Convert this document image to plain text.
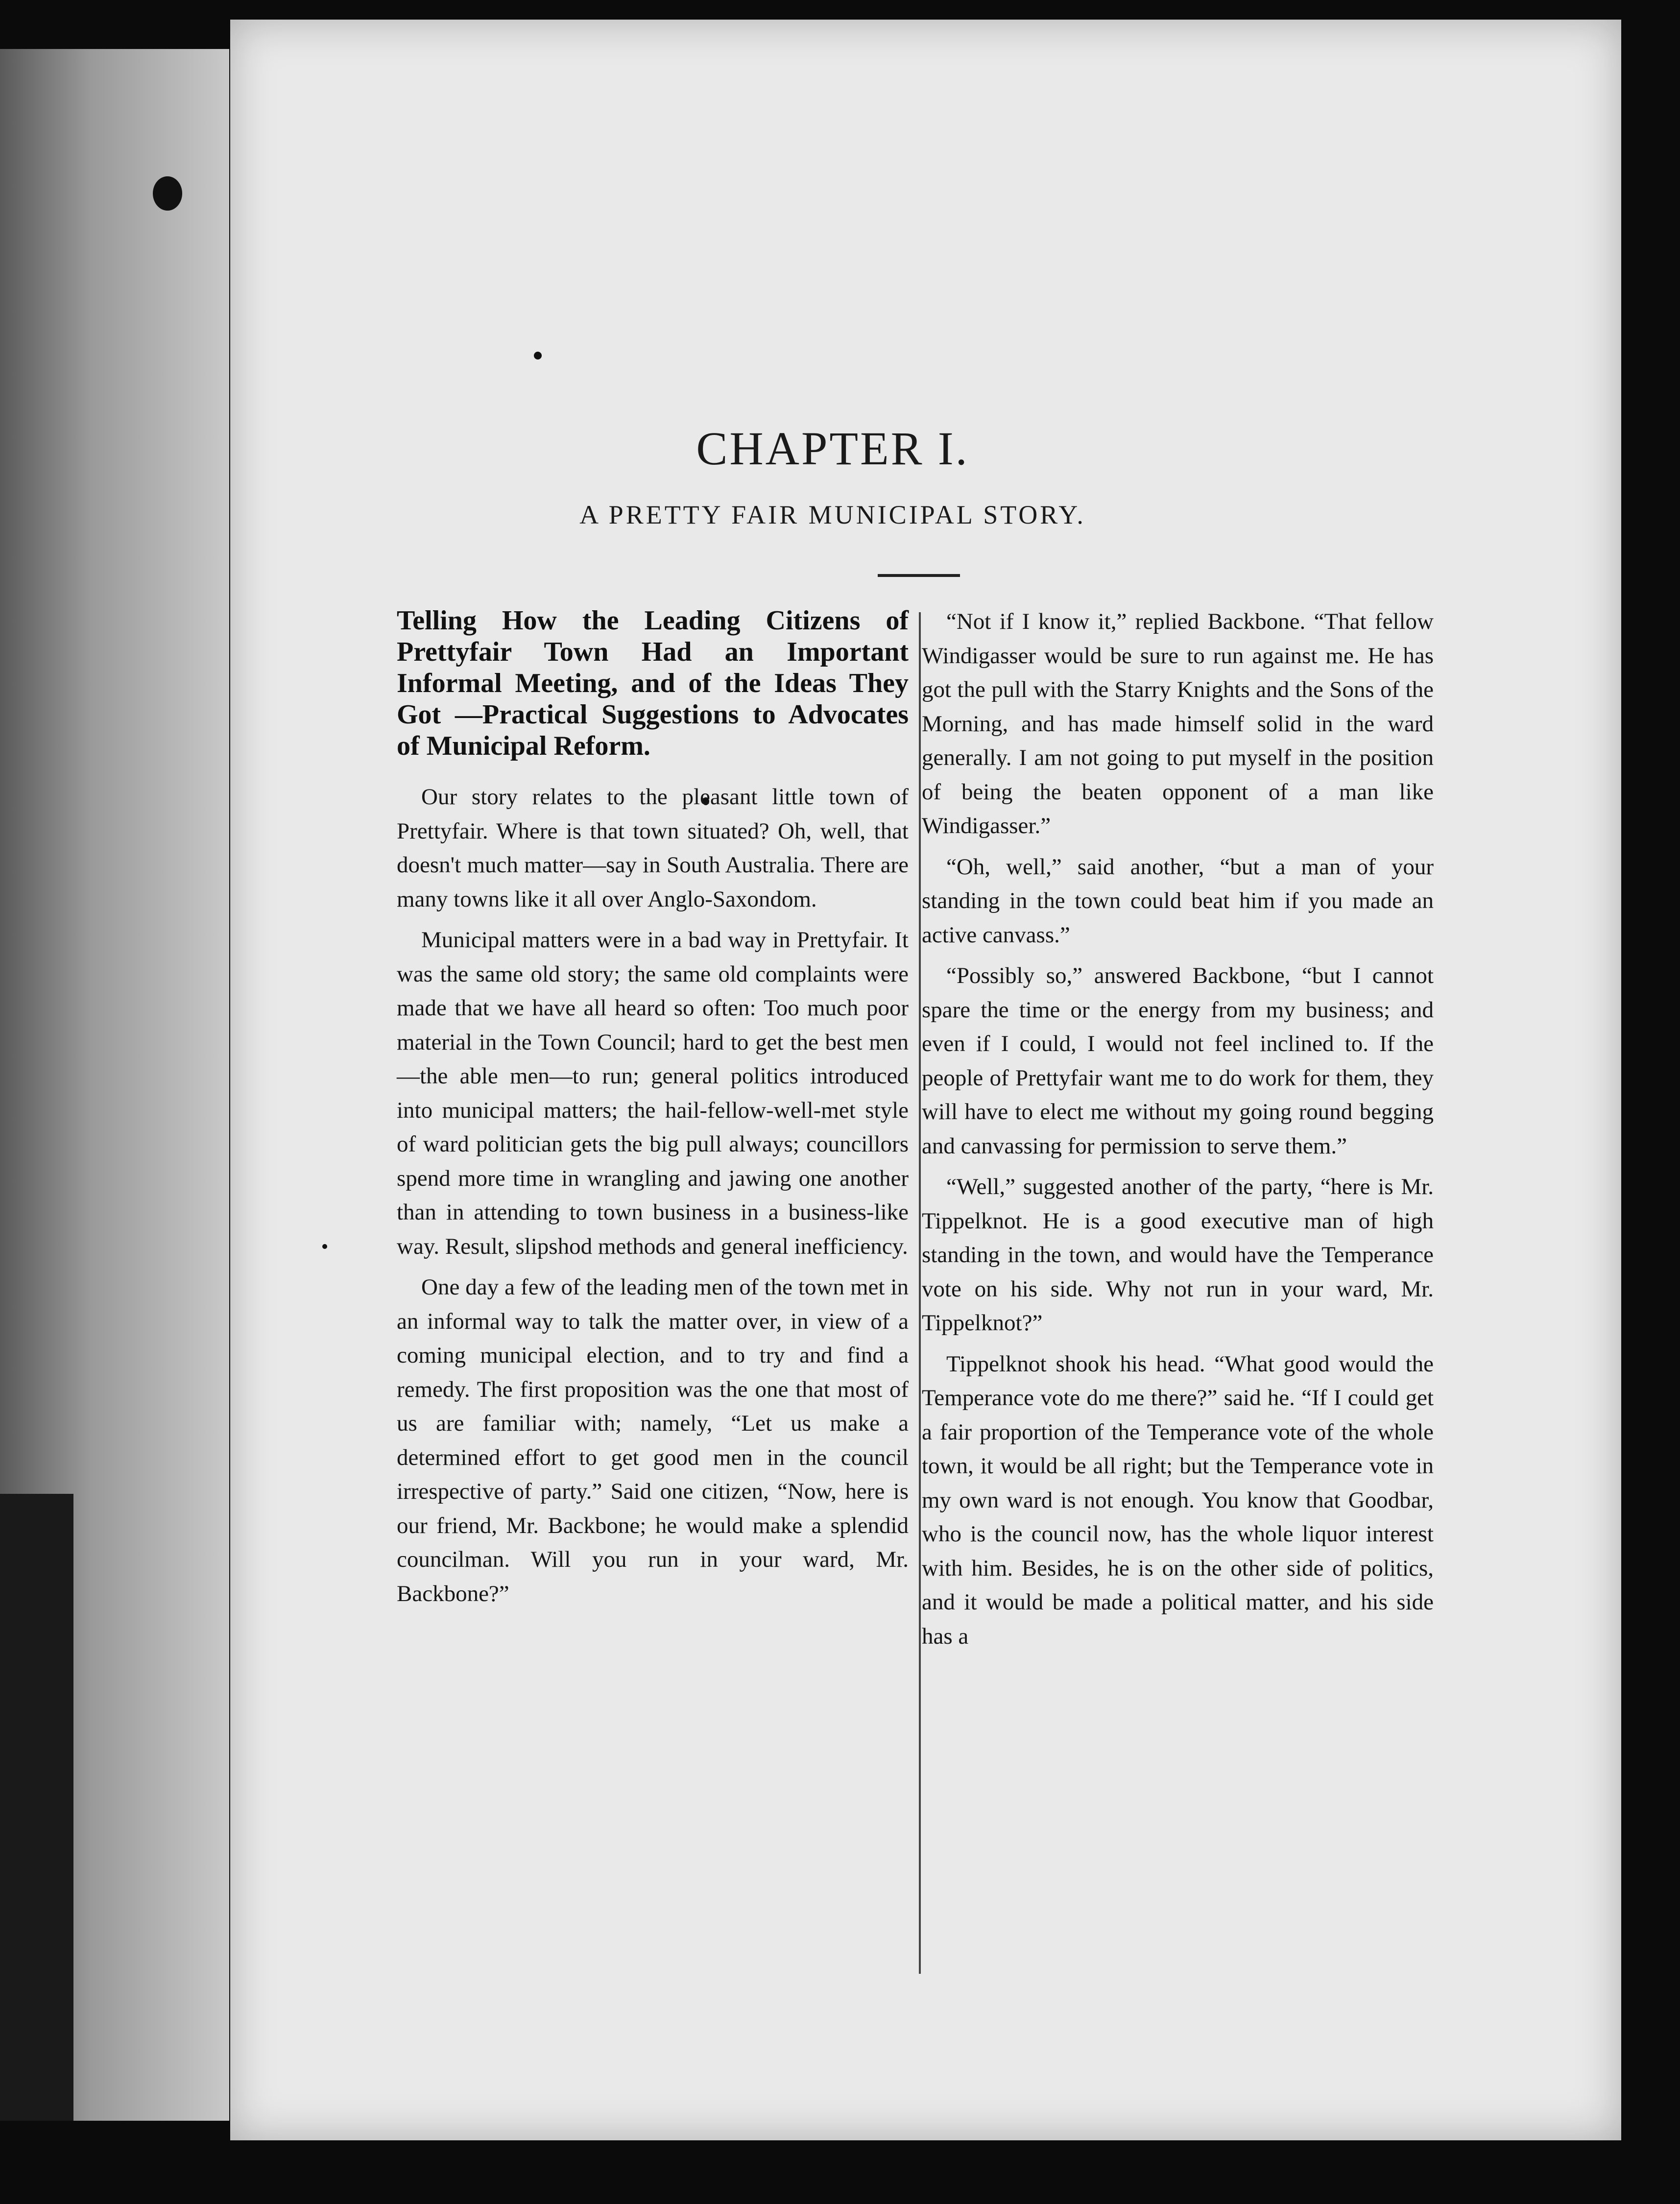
CHAPTER I.
A PRETTY FAIR MUNICIPAL STORY.

Telling How the Leading Citizens of Prettyfair Town Had an Important Informal Meeting, and of the Ideas They Got —Practical Suggestions to Advocates of Municipal Reform.

Our story relates to the pleasant little town of Prettyfair. Where is that town situated? Oh, well, that doesn't much matter—say in South Australia. There are many towns like it all over Anglo-Saxondom.

Municipal matters were in a bad way in Prettyfair. It was the same old story; the same old complaints were made that we have all heard so often: Too much poor material in the Town Council; hard to get the best men—the able men—to run; general politics introduced into municipal matters; the hail-fellow-well-met style of ward politician gets the big pull always; councillors spend more time in wrangling and jawing one another than in attending to town business in a business-like way. Result, slipshod methods and general inefficiency.

One day a few of the leading men of the town met in an informal way to talk the matter over, in view of a coming municipal election, and to try and find a remedy. The first proposition was the one that most of us are familiar with; namely, “Let us make a determined effort to get good men in the council irrespective of party.” Said one citizen, “Now, here is our friend, Mr. Backbone; he would make a splendid councilman. Will you run in your ward, Mr. Backbone?”

“Not if I know it,” replied Backbone. “That fellow Windigasser would be sure to run against me. He has got the pull with the Starry Knights and the Sons of the Morning, and has made himself solid in the ward generally. I am not going to put myself in the position of being the beaten opponent of a man like Windigasser.”

“Oh, well,” said another, “but a man of your standing in the town could beat him if you made an active canvass.”

“Possibly so,” answered Backbone, “but I cannot spare the time or the energy from my business; and even if I could, I would not feel inclined to. If the people of Prettyfair want me to do work for them, they will have to elect me without my going round begging and canvassing for permission to serve them.”

“Well,” suggested another of the party, “here is Mr. Tippelknot. He is a good executive man of high standing in the town, and would have the Temperance vote on his side. Why not run in your ward, Mr. Tippelknot?”

Tippelknot shook his head. “What good would the Temperance vote do me there?” said he. “If I could get a fair proportion of the Temperance vote of the whole town, it would be all right; but the Temperance vote in my own ward is not enough. You know that Goodbar, who is the council now, has the whole liquor interest with him. Besides, he is on the other side of politics, and it would be made a political matter, and his side has a
